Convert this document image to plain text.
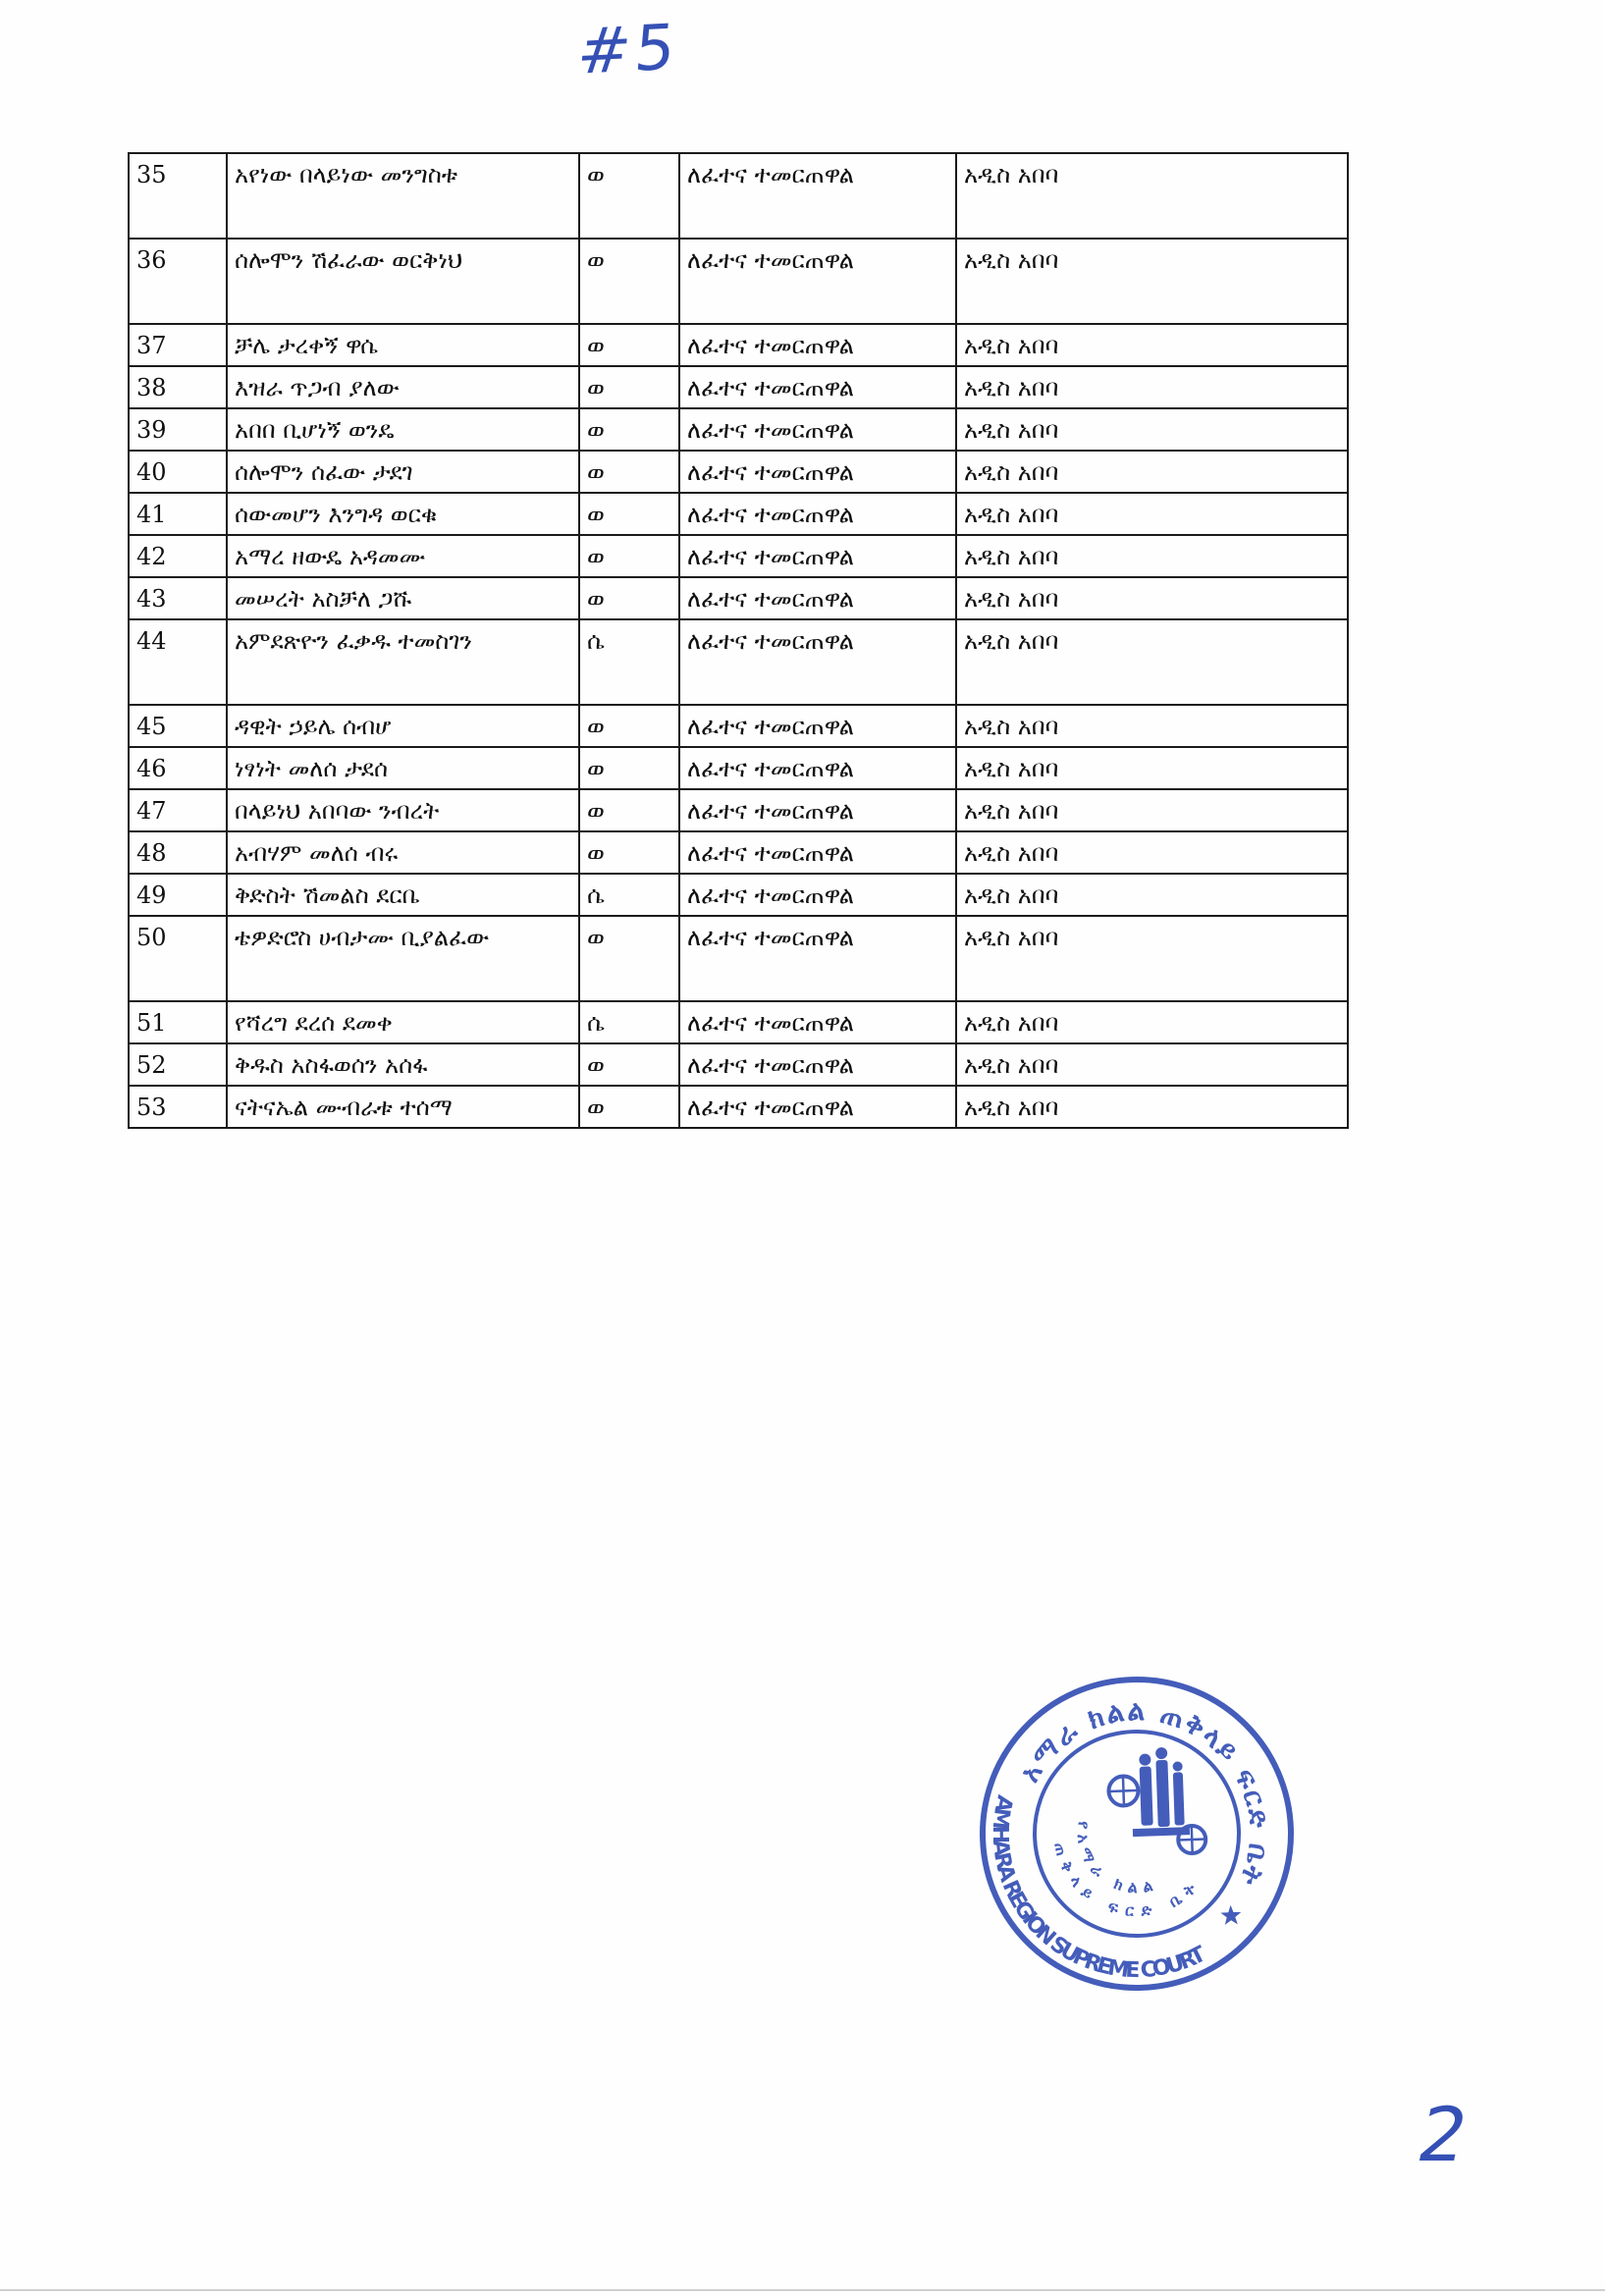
#5
35	አየነው በላይነው መንግስቱ	ወ	ለፈተና ተመርጠዋል	አዲስ አበባ
36	ሰሎሞን ሽፈራው ወርቅነህ	ወ	ለፈተና ተመርጠዋል	አዲስ አበባ
37	ቻሌ ታረቀኝ ዋሴ	ወ	ለፈተና ተመርጠዋል	አዲስ አበባ
38	እዝራ ጥጋብ ያለው	ወ	ለፈተና ተመርጠዋል	አዲስ አበባ
39	አበበ ቢሆነኝ ወንዴ	ወ	ለፈተና ተመርጠዋል	አዲስ አበባ
40	ሰሎሞን ሰፈው ታደገ	ወ	ለፈተና ተመርጠዋል	አዲስ አበባ
41	ሰውመሆን እንግዳ ወርቁ	ወ	ለፈተና ተመርጠዋል	አዲስ አበባ
42	አማረ ዘውዴ አዳመሙ	ወ	ለፈተና ተመርጠዋል	አዲስ አበባ
43	መሠረት አስቻለ ጋሹ	ወ	ለፈተና ተመርጠዋል	አዲስ አበባ
44	አምደጽዮን ፈቃዱ ተመስገን	ሴ	ለፈተና ተመርጠዋል	አዲስ አበባ
45	ዳዊት ኃይሌ ሰብሆ	ወ	ለፈተና ተመርጠዋል	አዲስ አበባ
46	ነፃነት መለሰ ታደሰ	ወ	ለፈተና ተመርጠዋል	አዲስ አበባ
47	በላይነህ አበባው ንብረት	ወ	ለፈተና ተመርጠዋል	አዲስ አበባ
48	አብሃም መለሰ ብሩ	ወ	ለፈተና ተመርጠዋል	አዲስ አበባ
49	ቅድስት ሽመልስ ደርቤ	ሴ	ለፈተና ተመርጠዋል	አዲስ አበባ
50	ቴዎድሮስ ሀብታሙ ቢያልፈው	ወ	ለፈተና ተመርጠዋል	አዲስ አበባ
51	የሻረግ ደረሰ ደመቀ	ሴ	ለፈተና ተመርጠዋል	አዲስ አበባ
52	ቅዱስ አስፋወሰን አሰፋ	ወ	ለፈተና ተመርጠዋል	አዲስ አበባ
53	ናትናኤል ሙብራቱ ተሰማ	ወ	ለፈተና ተመርጠዋል	አዲስ አበባ
አማራ ክልል ጠቅላይ ፍርድ ቤት
AMHARA REGION SUPREME COURT
የአማራ ክልል
ጠቅላይ ፍርድ ቤት
2
